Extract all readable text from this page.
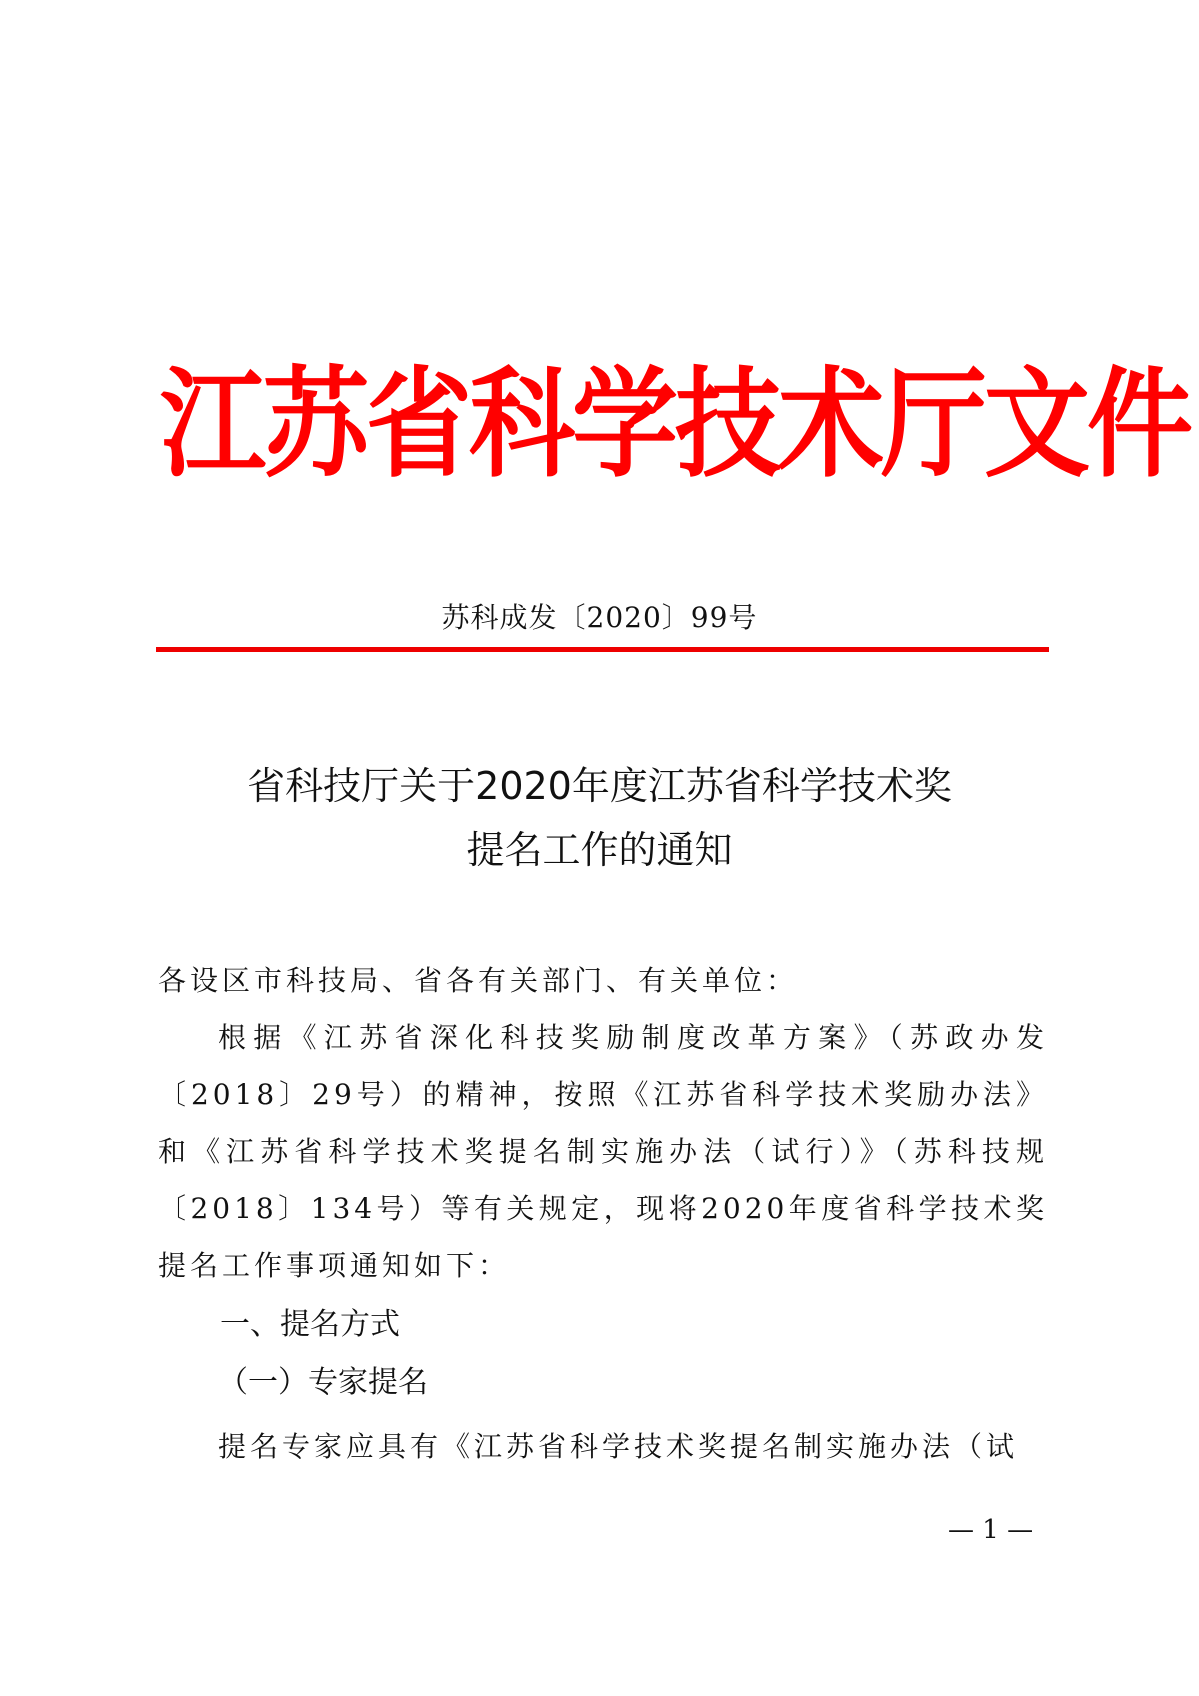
江苏省科学技术厅文件
苏科成发〔2020〕99号
省科技厅关于2020年度江苏省科学技术奖
提名工作的通知
各设区市科技局、省各有关部门、有关单位：
根据《江苏省深化科技奖励制度改革方案》（苏政办发〔2018〕29号）的精神，按照《江苏省科学技术奖励办法》和《江苏省科学技术奖提名制实施办法（试行）》（苏科技规〔2018〕134号）等有关规定，现将2020年度省科学技术奖提名工作事项通知如下：
一、提名方式
（一）专家提名
提名专家应具有《江苏省科学技术奖提名制实施办法（试
— 1 —
